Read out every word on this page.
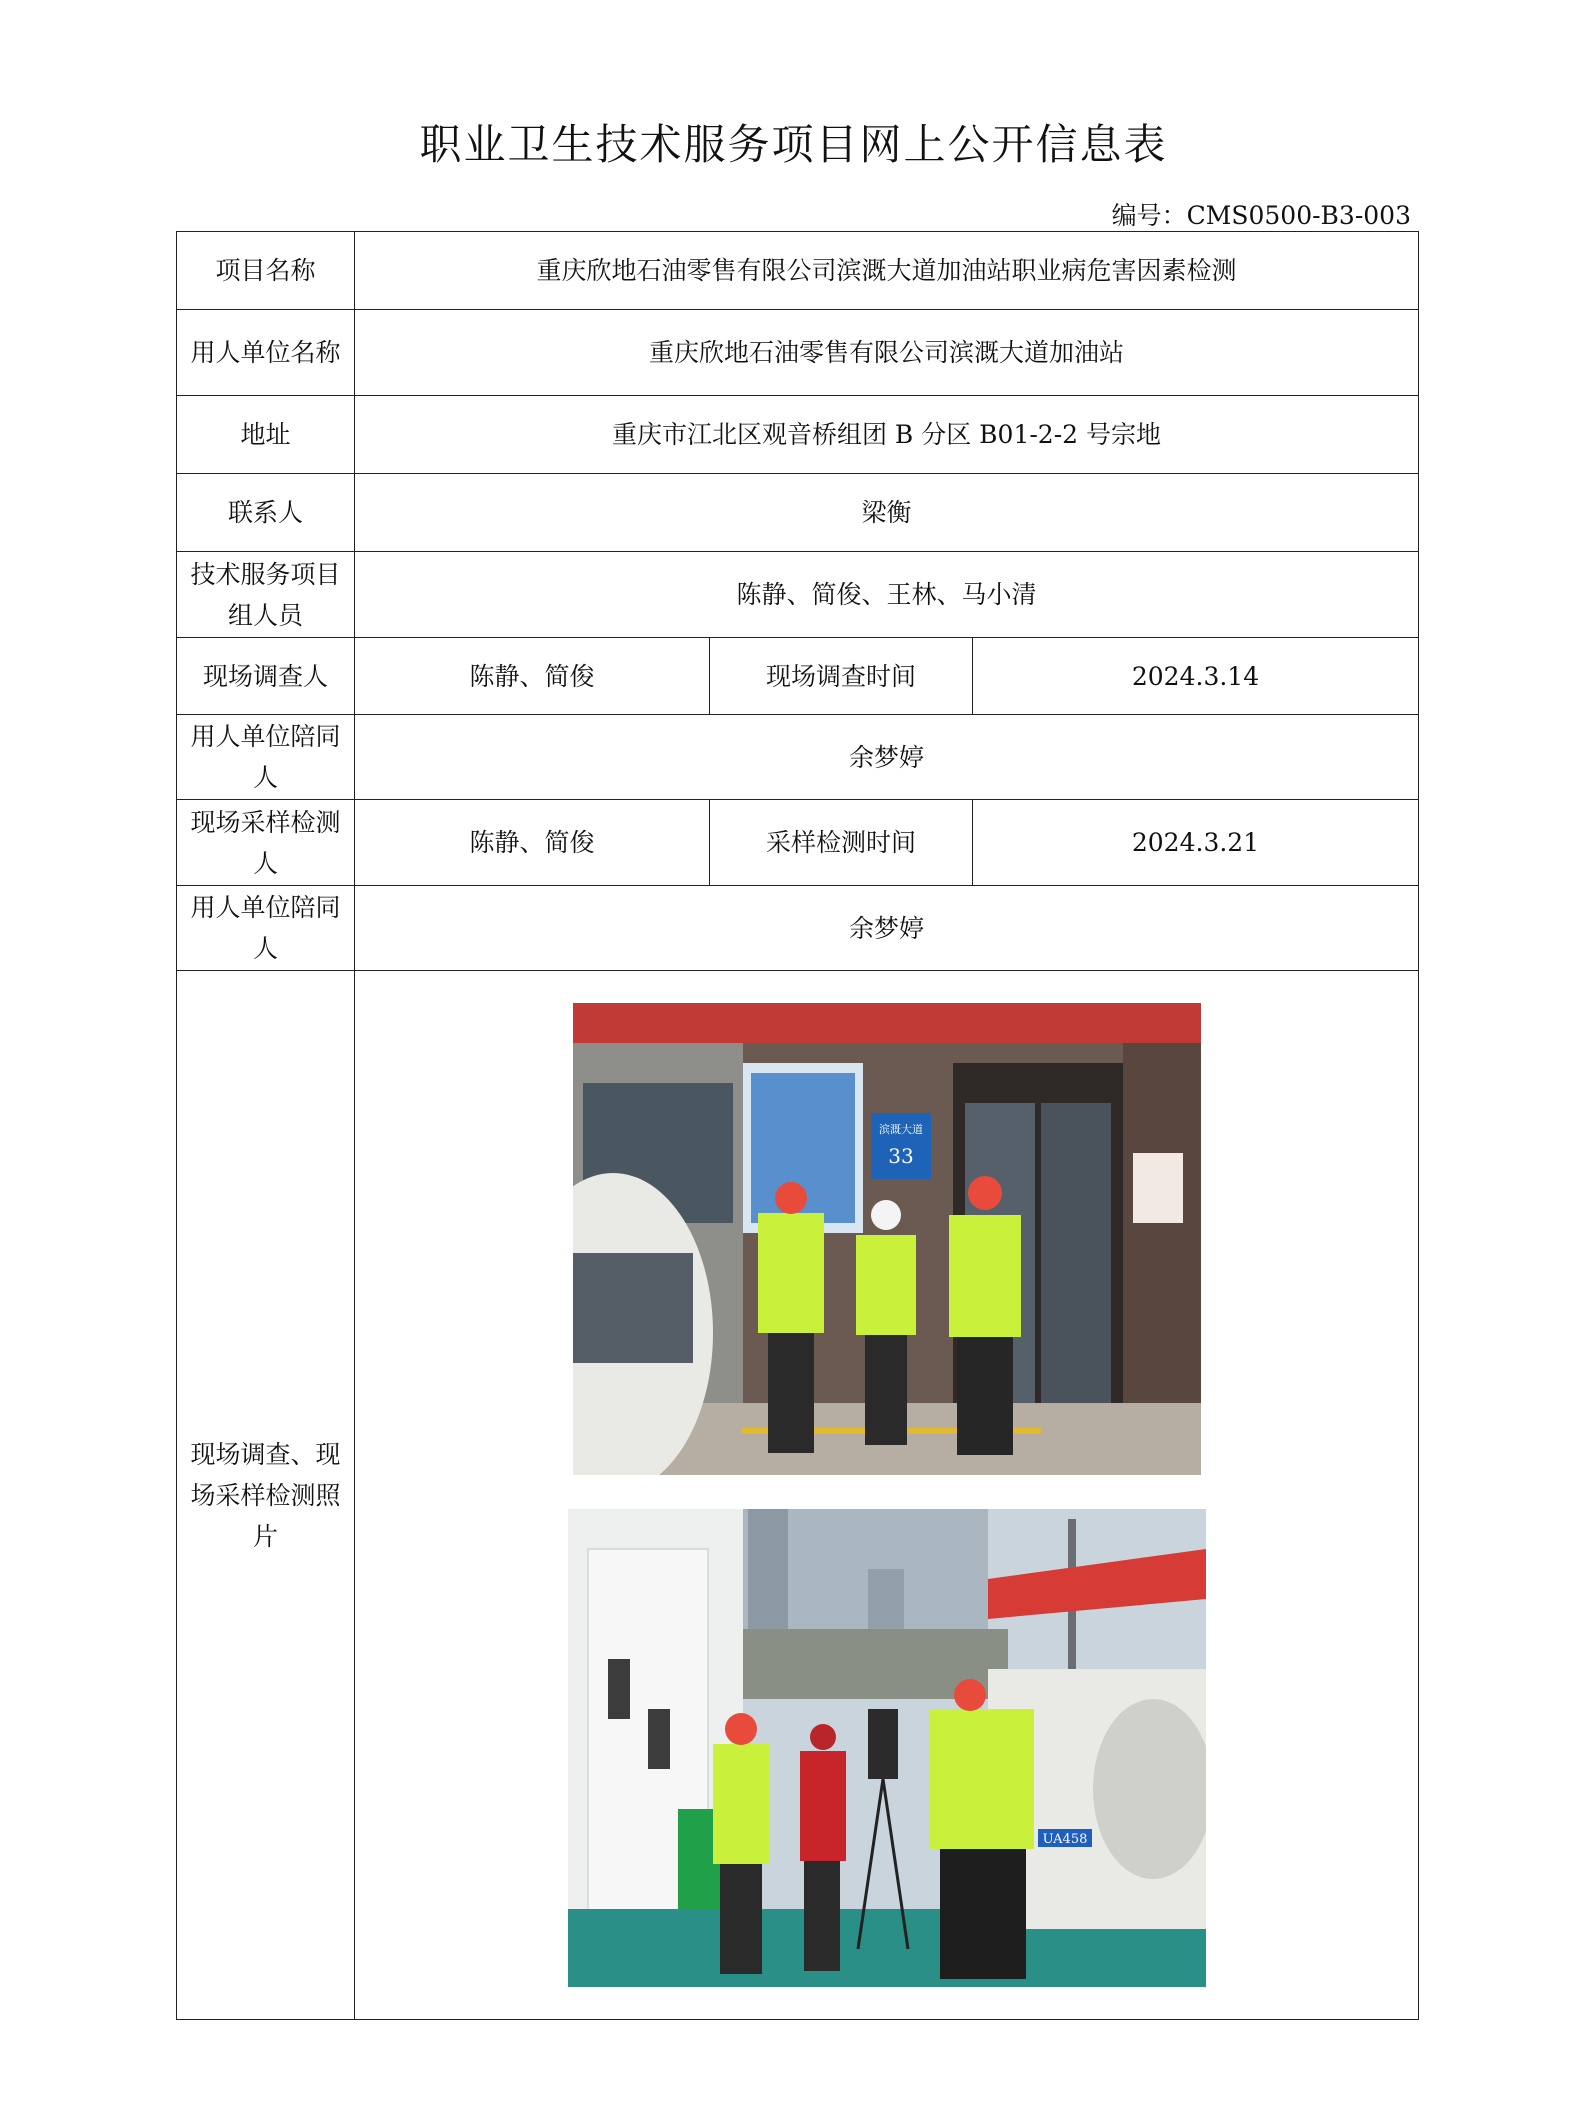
职业卫生技术服务项目网上公开信息表
编号：CMS0500-B3-003
项目名称	重庆欣地石油零售有限公司滨溉大道加油站职业病危害因素检测		
用人单位名称	重庆欣地石油零售有限公司滨溉大道加油站		
地址	重庆市江北区观音桥组团 B 分区 B01-2-2 号宗地		
联系人	梁衡		
技术服务项目组人员	陈静、简俊、王林、马小清		
现场调查人	陈静、简俊	现场调查时间	2024.3.14
用人单位陪同人	余梦婷		
现场采样检测人	陈静、简俊	采样检测时间	2024.3.21
用人单位陪同人	余梦婷		
现场调查、现场采样检测照片	滨溉大道
33
UA458		
